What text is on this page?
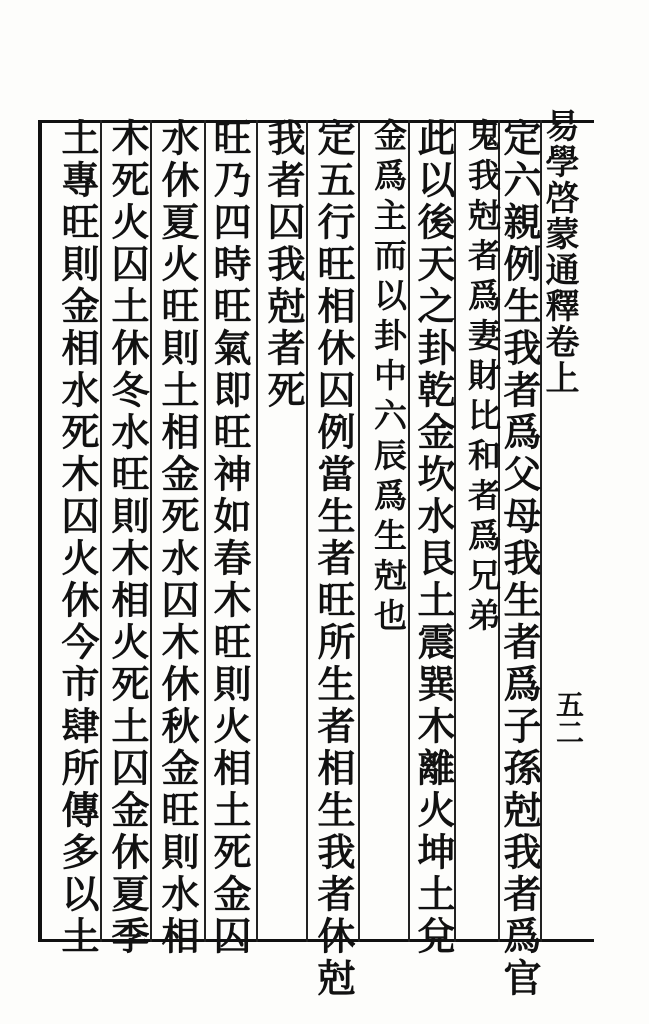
易學啓蒙通釋卷上
五二
定六親例生我者爲父母我生者爲子孫尅我者爲官
鬼我尅者爲妻財比和者爲兄弟
此以後天之卦乾金坎水艮土震巽木離火坤土兌
金爲主而以卦中六辰爲生尅也
定五行旺相休囚例當生者旺所生者相生我者休尅
我者囚我尅者死
旺乃四時旺氣即旺神如春木旺則火相土死金囚
水休夏火旺則土相金死水囚木休秋金旺則水相
木死火囚土休冬水旺則木相火死土囚金休夏季
土專旺則金相水死木囚火休今市肆所傳多以土
